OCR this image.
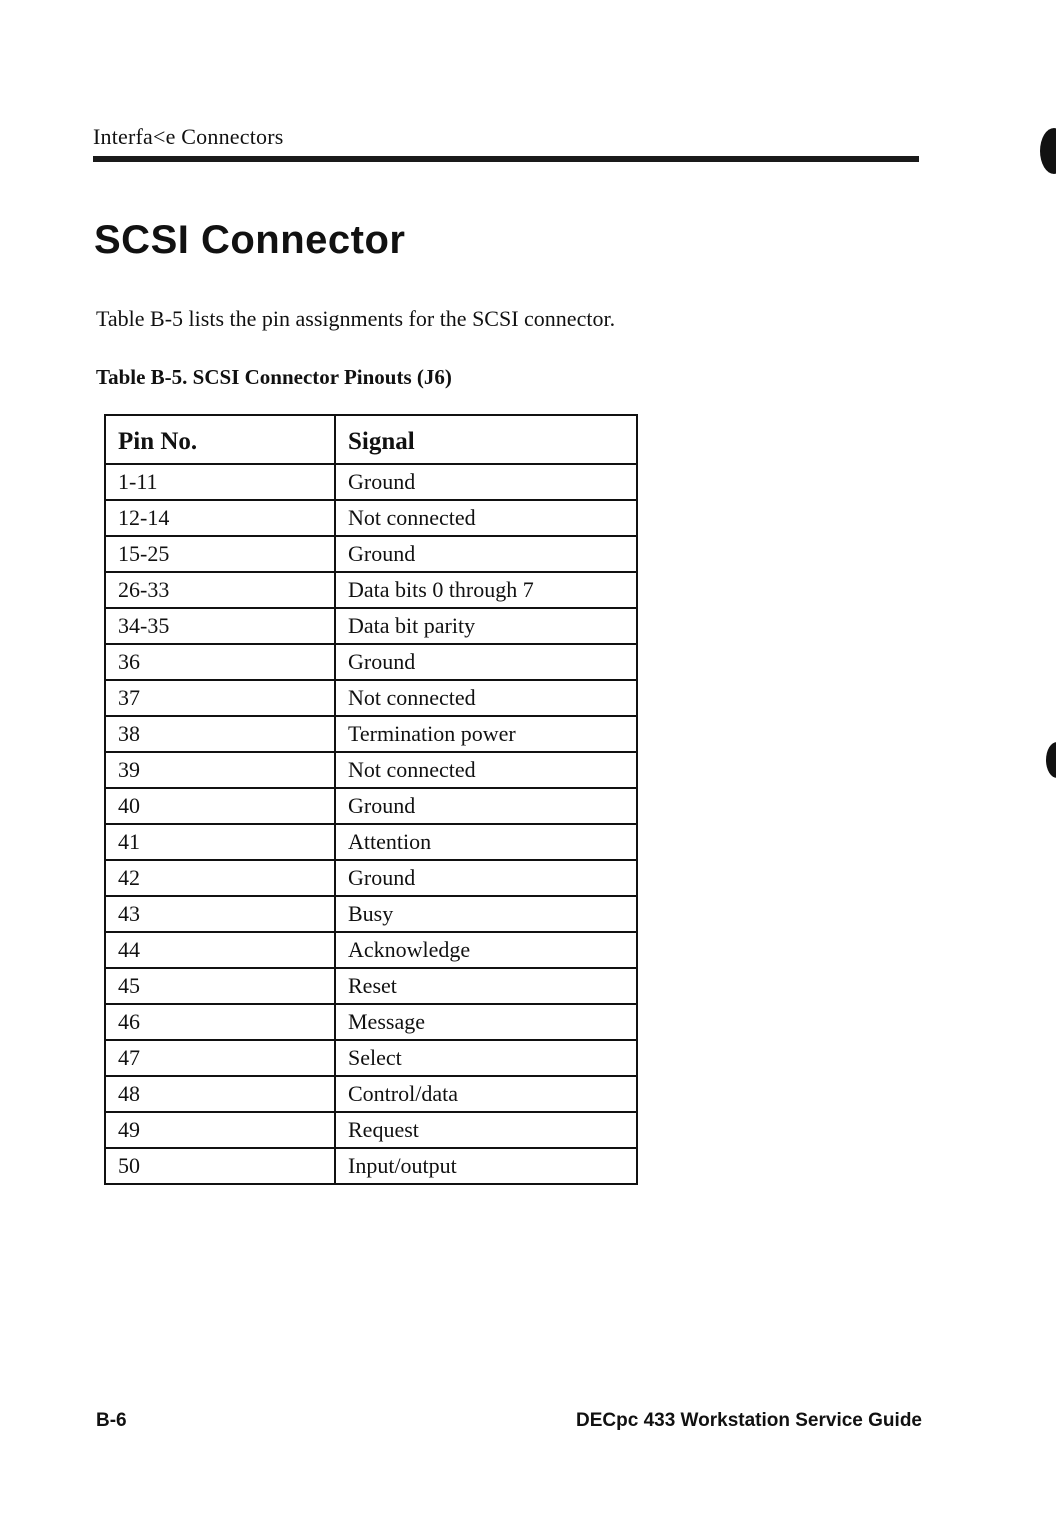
Interfa<e Connectors
SCSI Connector
Table B-5 lists the pin assignments for the SCSI connector.
Table B-5. SCSI Connector Pinouts (J6)
Pin No.	Signal
1-11	Ground
12-14	Not connected
15-25	Ground
26-33	Data bits 0 through 7
34-35	Data bit parity
36	Ground
37	Not connected
38	Termination power
39	Not connected
40	Ground
41	Attention
42	Ground
43	Busy
44	Acknowledge
45	Reset
46	Message
47	Select
48	Control/data
49	Request
50	Input/output
B-6	DECpc 433 Workstation Service Guide
